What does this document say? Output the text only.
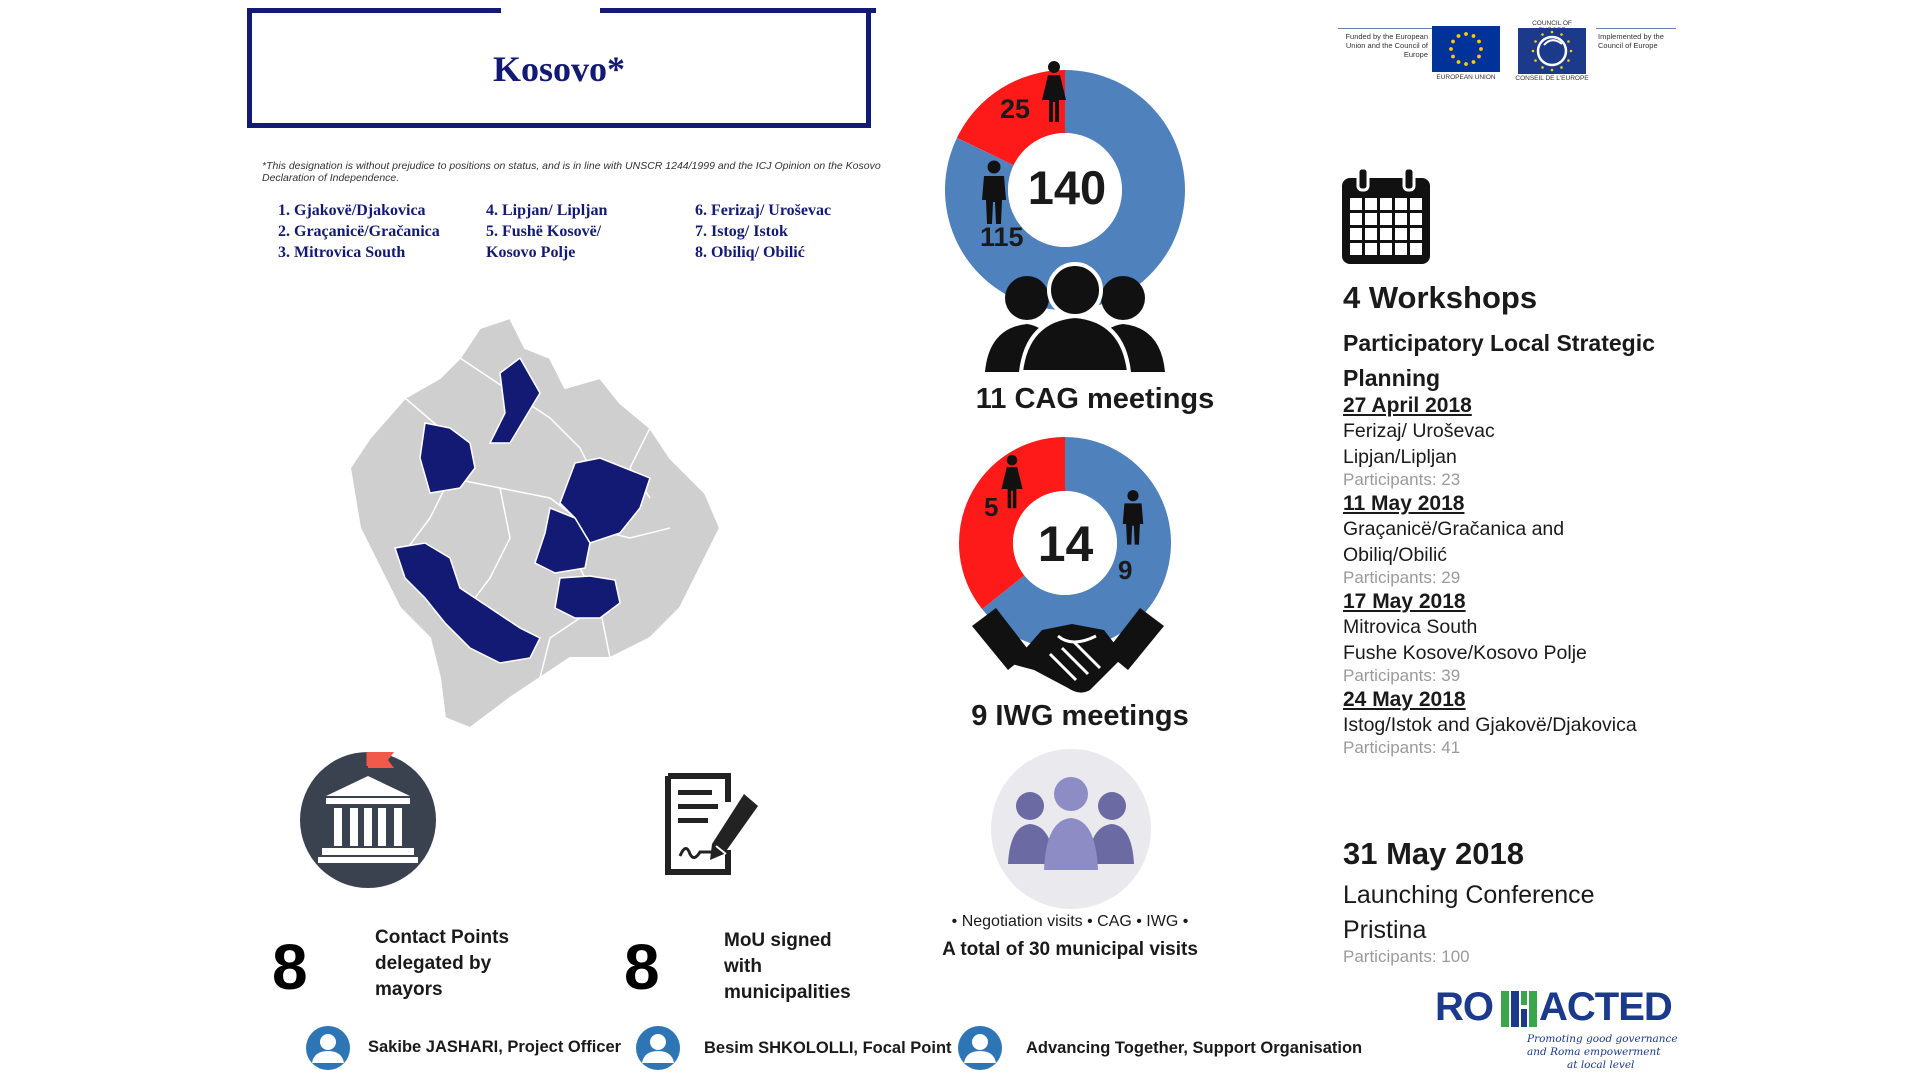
Kosovo*
*This designation is without prejudice to positions on status, and is in line with UNSCR 1244/1999 and the ICJ Opinion on the Kosovo Declaration of Independence.
1. Gjakovë/Djakovica
2. Graçanicë/Gračanica
3. Mitrovica South
4. Lipjan/ Lipljan
5. Fushë Kosovë/
Kosovo Polje
6. Ferizaj/ Uroševac
7. Istog/ Istok
8. Obiliq/ Obilić
Funded by the European Union and the Council of Europe
EUROPEAN UNION
COUNCIL OF
CONSEIL DE L'EUROPE
Implemented by the Council of Europe
140
25
115
11 CAG meetings
14
5
9
9 IWG meetings
• Negotiation visits • CAG • IWG •
A total of 30 municipal visits
8	Contact Points
delegated by
mayors	8	MoU signed
with
municipalities
Sakibe JASHARI, Project Officer	Besim SHKOLOLLI, Focal Point	Advancing Together, Support Organisation
4 Workshops
Participatory Local Strategic
Planning
27 April 2018
Ferizaj/ Uroševac
Lipjan/Lipljan
Participants: 23
11 May 2018
Graçanicë/Gračanica and
Obiliq/Obilić
Participants: 29
17 May 2018
Mitrovica South
Fushe Kosove/Kosovo Polje
Participants: 39
24 May 2018
Istog/Istok and Gjakovë/Djakovica
Participants: 41
31 May 2018
Launching Conference
Pristina
Participants: 100
RO ACTED
Promoting good governance
and Roma empowerment
at local level
